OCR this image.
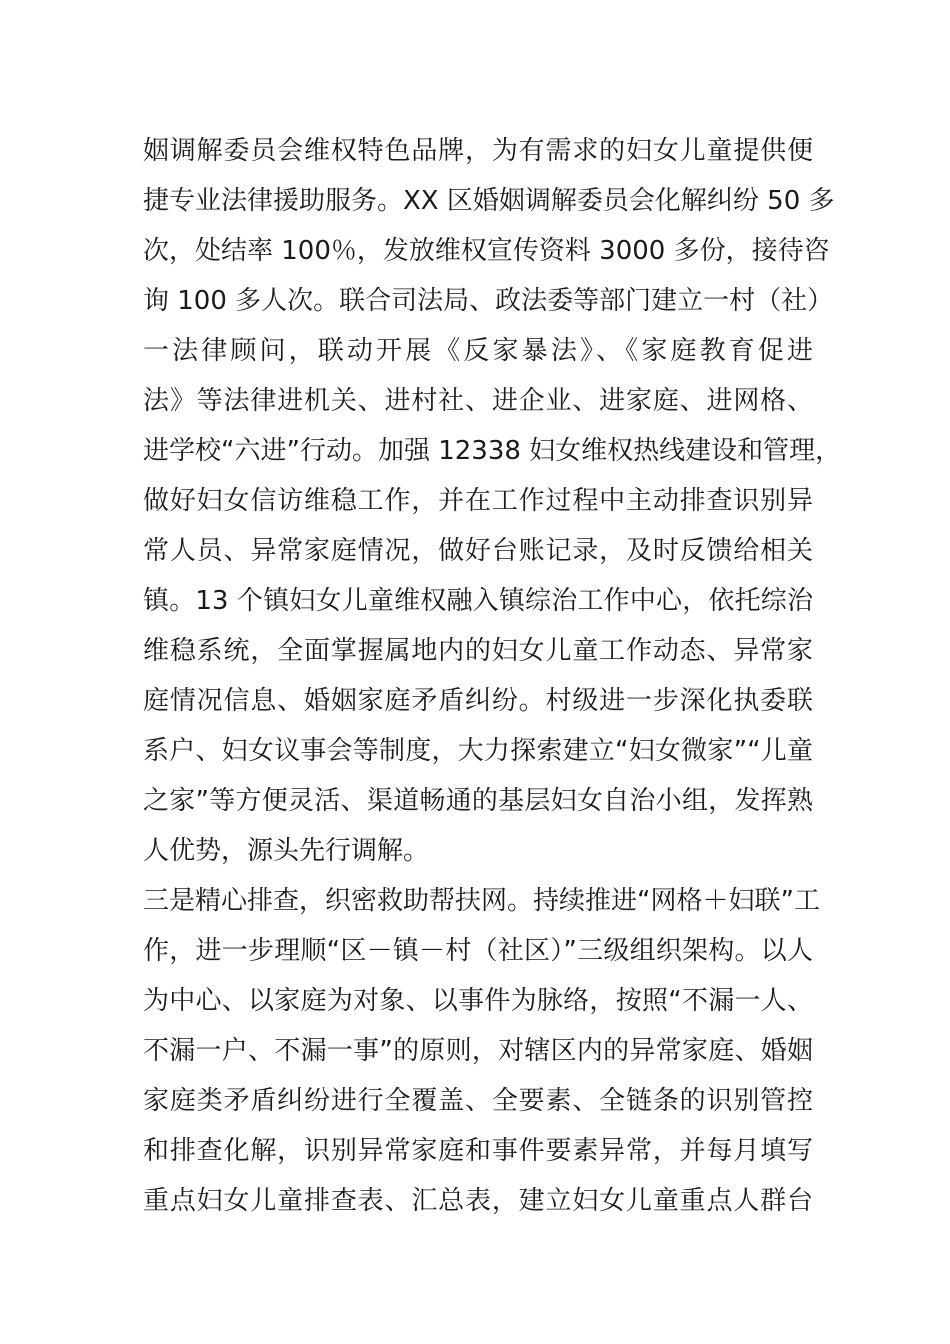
姻调解委员会维权特色品牌，为有需求的妇女儿童提供便
捷专业法律援助服务。XX 区婚姻调解委员会化解纠纷 50 多
次，处结率 100％，发放维权宣传资料 3000 多份，接待咨
询 100 多人次。联合司法局、政法委等部门建立一村（社）
一法律顾问，联动开展《反家暴法》、《家庭教育促进
法》等法律进机关、进村社、进企业、进家庭、进网格、
进学校“六进”行动。加强 12338 妇女维权热线建设和管理，
做好妇女信访维稳工作，并在工作过程中主动排查识别异
常人员、异常家庭情况，做好台账记录，及时反馈给相关
镇。13 个镇妇女儿童维权融入镇综治工作中心，依托综治
维稳系统，全面掌握属地内的妇女儿童工作动态、异常家
庭情况信息、婚姻家庭矛盾纠纷。村级进一步深化执委联
系户、妇女议事会等制度，大力探索建立“妇女微家”“儿童
之家”等方便灵活、渠道畅通的基层妇女自治小组，发挥熟
人优势，源头先行调解。
三是精心排查，织密救助帮扶网。持续推进“网格＋妇联”工
作，进一步理顺“区－镇－村（社区）”三级组织架构。以人
为中心、以家庭为对象、以事件为脉络，按照“不漏一人、
不漏一户、不漏一事”的原则，对辖区内的异常家庭、婚姻
家庭类矛盾纠纷进行全覆盖、全要素、全链条的识别管控
和排查化解，识别异常家庭和事件要素异常，并每月填写
重点妇女儿童排查表、汇总表，建立妇女儿童重点人群台
